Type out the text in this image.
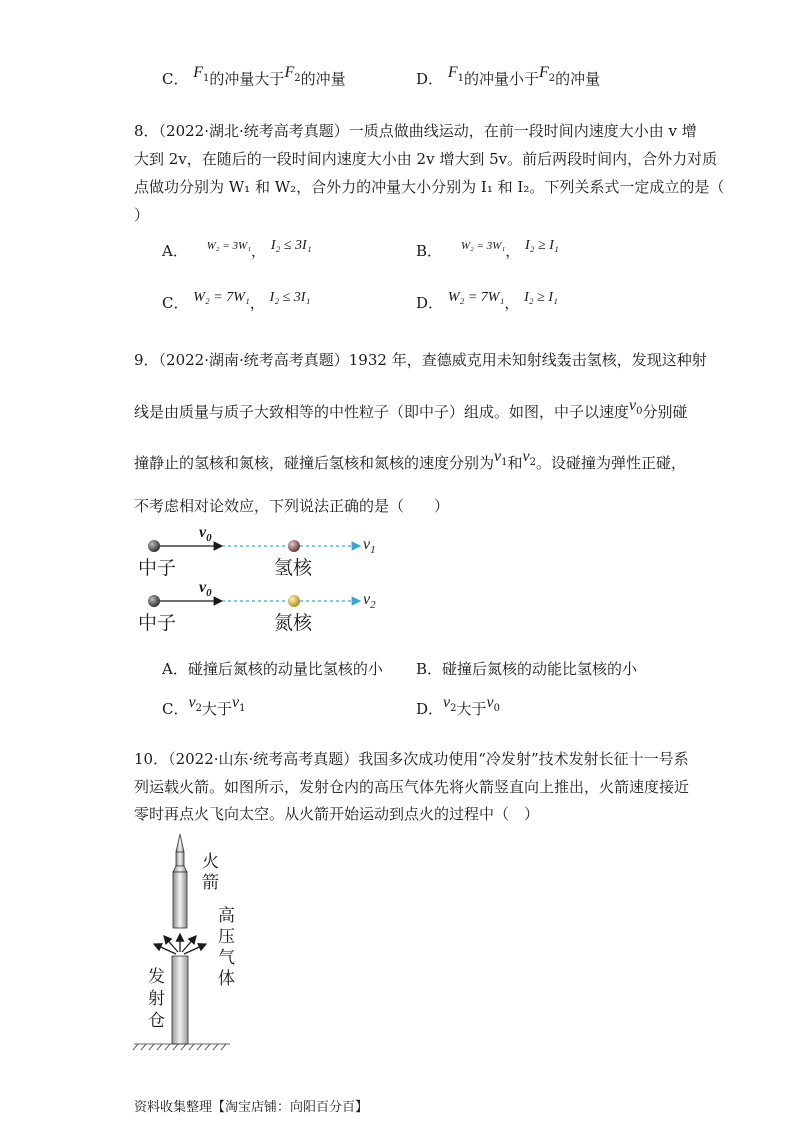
C． $F_1$的冲量大于$F_2$的冲量	D． $F_1$的冲量小于$F_2$的冲量
8．（2022·湖北·统考高考真题）一质点做曲线运动，在前一段时间内速度大小由 v 增
大到 2v，在随后的一段时间内速度大小由 2v 增大到 5v。前后两段时间内，合外力对质
点做功分别为 W₁ 和 W₂，合外力的冲量大小分别为 I₁ 和 I₂。下列关系式一定成立的是（
）
A． $^{W_2 = 3W_1}$， I₂ ≤ 3I₁	B． $^{W_2 = 3W_1}$， I₂ ≥ I₁
C． W₂ = 7W₁， I₂ ≤ 3I₁	D． W₂ = 7W₁， I₂ ≥ I₁
9．（2022·湖南·统考高考真题）1932 年，查德威克用未知射线轰击氢核，发现这种射
线是由质量与质子大致相等的中性粒子（即中子）组成。如图，中子以速度$v_0$分别碰
撞静止的氢核和氮核，碰撞后氢核和氮核的速度分别为$v_1$和$v_2$。设碰撞为弹性正碰，
不考虑相对论效应，下列说法正确的是（　　）
$v_0$
中子	氢核
$v_1$
$v_0$
中子	氮核
$v_2$
A．碰撞后氮核的动量比氢核的小 B．碰撞后氮核的动能比氢核的小
C．$v_2$大于$v_1$	D．$v_2$大于$v_0$
10．（2022·山东·统考高考真题）我国多次成功使用“冷发射”技术发射长征十一号系
列运载火箭。如图所示，发射仓内的高压气体先将火箭竖直向上推出，火箭速度接近
零时再点火飞向太空。从火箭开始运动到点火的过程中（　）
火箭
高压气体
发射仓
资料收集整理【淘宝店铺：向阳百分百】
